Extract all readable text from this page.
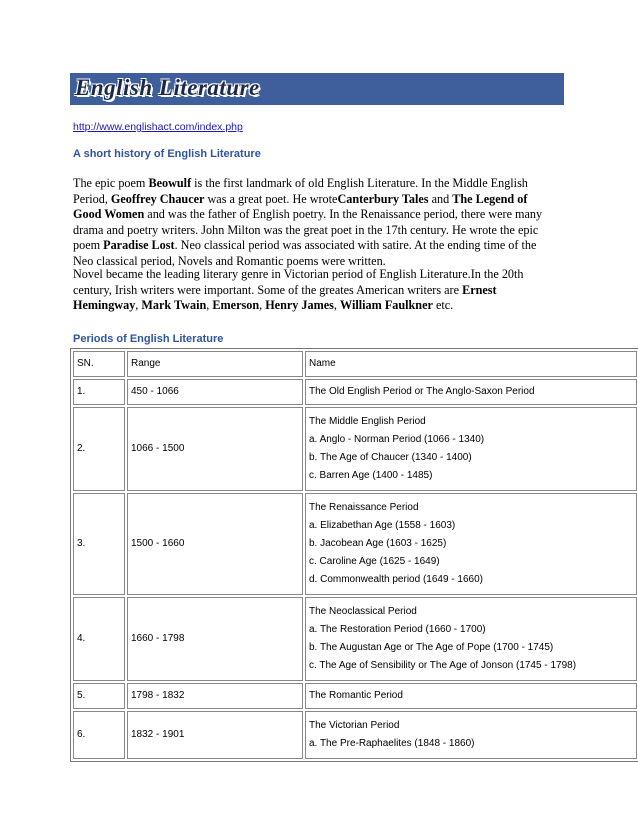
English Literature
http://www.englishact.com/index.php
A short history of English Literature
The epic poem Beowulf is the first landmark of old English Literature. In the Middle English Period, Geoffrey Chaucer was a great poet. He wroteCanterbury Tales and The Legend of Good Women and was the father of English poetry. In the Renaissance period, there were many drama and poetry writers. John Milton was the great poet in the 17th century. He wrote the epic poem Paradise Lost. Neo classical period was associated with satire. At the ending time of the Neo classical period, Novels and Romantic poems were written.
Novel became the leading literary genre in Victorian period of English Literature.In the 20th century, Irish writers were important. Some of the greates American writers are Ernest Hemingway, Mark Twain, Emerson, Henry James, William Faulkner etc.
Periods of English Literature
SN.	Range	Name
1.	450 - 1066	The Old English Period or The Anglo-Saxon Period

2.	1066 - 1500	The Middle English Period
a. Anglo - Norman Period (1066 - 1340)
b. The Age of Chaucer (1340 - 1400)
c. Barren Age (1400 - 1485)

3.	1500 - 1660	The Renaissance Period
a. Elizabethan Age (1558 - 1603)
b. Jacobean Age (1603 - 1625)
c. Caroline Age (1625 - 1649)
d. Commonwealth period (1649 - 1660)

4.	1660 - 1798	The Neoclassical Period
a. The Restoration Period (1660 - 1700)
b. The Augustan Age or The Age of Pope (1700 - 1745)
c. The Age of Sensibility or The Age of Jonson (1745 - 1798)

5.	1798 - 1832	The Romantic Period

6.	1832 - 1901	The Victorian Period
a. The Pre-Raphaelites (1848 - 1860)
